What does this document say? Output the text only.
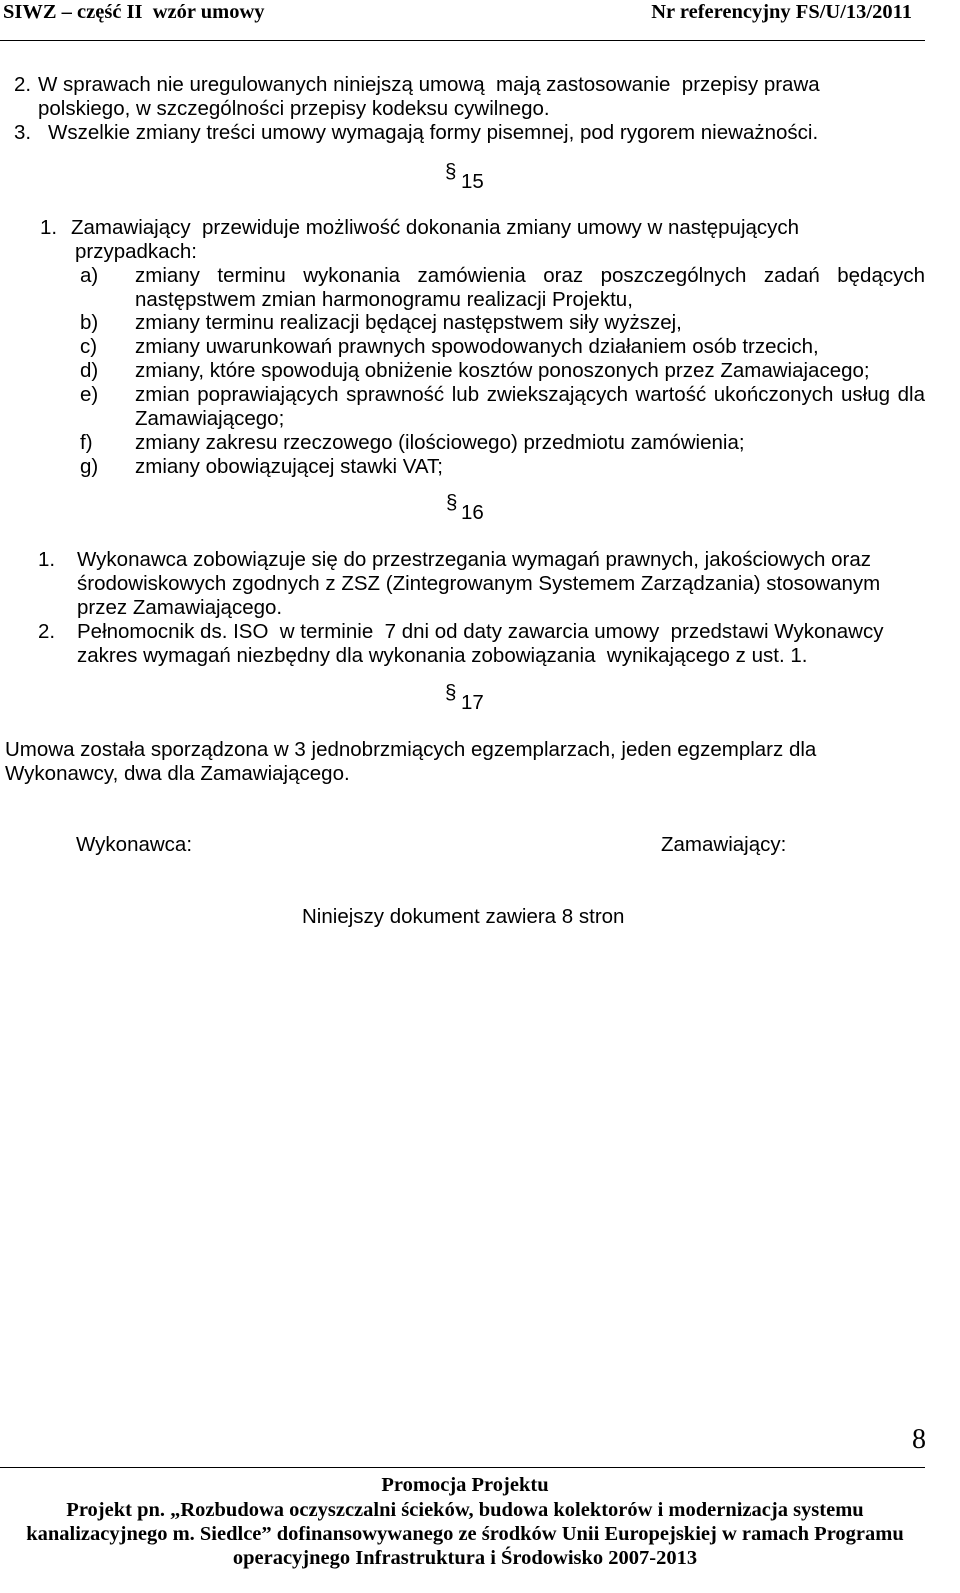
SIWZ – część II  wzór umowy	Nr referencyjny FS/U/13/2011
2. W sprawach nie uregulowanych niniejszą umową  mają zastosowanie  przepisy prawa
polskiego, w szczególności przepisy kodeksu cywilnego.
3. Wszelkie zmiany treści umowy wymagają formy pisemnej, pod rygorem nieważności.
§ 15
1. Zamawiający  przewiduje możliwość dokonania zmiany umowy w następujących
przypadkach:
a) zmiany terminu wykonania zamówienia oraz poszczególnych zadań będących
następstwem zmian harmonogramu realizacji Projektu,
b) zmiany terminu realizacji będącej następstwem siły wyższej,
c) zmiany uwarunkowań prawnych spowodowanych działaniem osób trzecich,
d) zmiany, które spowodują obniżenie kosztów ponoszonych przez Zamawiajacego;
e) zmian poprawiających sprawność lub zwiekszających wartość ukończonych usług dla
Zamawiającego;
f) zmiany zakresu rzeczowego (ilościowego) przedmiotu zamówienia;
g) zmiany obowiązującej stawki VAT;
§ 16
1. Wykonawca zobowiązuje się do przestrzegania wymagań prawnych, jakościowych oraz
środowiskowych zgodnych z ZSZ (Zintegrowanym Systemem Zarządzania) stosowanym
przez Zamawiającego.
2. Pełnomocnik ds. ISO  w terminie  7 dni od daty zawarcia umowy  przedstawi Wykonawcy
zakres wymagań niezbędny dla wykonania zobowiązania  wynikającego z ust. 1.
§ 17
Umowa została sporządzona w 3 jednobrzmiących egzemplarzach, jeden egzemplarz dla
Wykonawcy, dwa dla Zamawiającego.
Wykonawca:	Zamawiający:
Niniejszy dokument zawiera 8 stron
8
Promocja Projektu
Projekt pn. „Rozbudowa oczyszczalni ścieków, budowa kolektorów i modernizacja systemu
kanalizacyjnego m. Siedlce” dofinansowywanego ze środków Unii Europejskiej w ramach Programu
operacyjnego Infrastruktura i Środowisko 2007-2013
